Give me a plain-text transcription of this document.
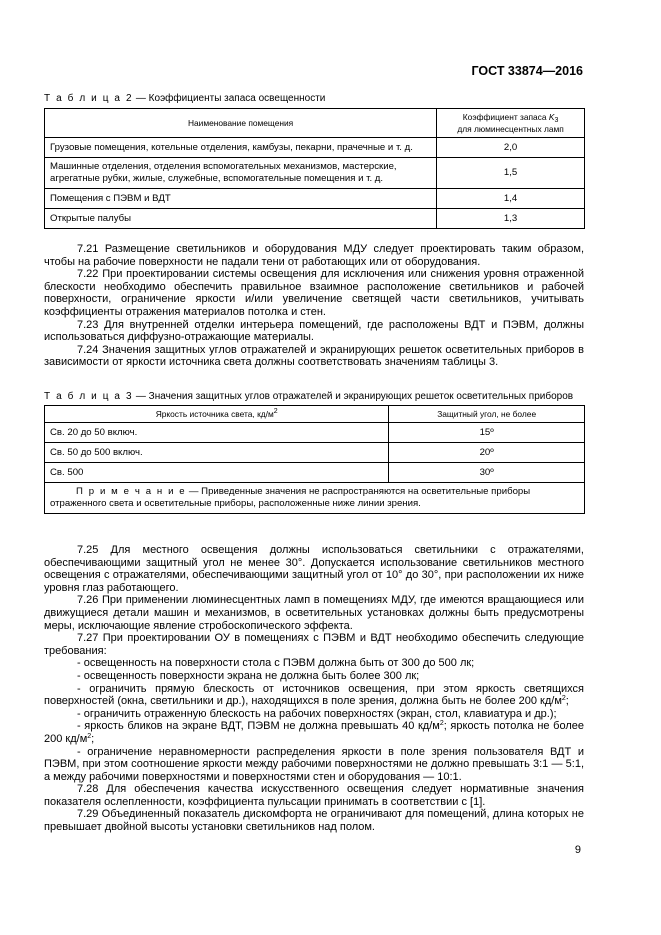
ГОСТ 33874—2016
Т а б л и ц а 2 — Коэффициенты запаса освещенности
Наименование помещения	Коэффициент запаса $K_3$
для люминесцентных ламп
Грузовые помещения, котельные отделения, камбузы, пекарни, прачечные и т. д.	2,0
Машинные отделения, отделения вспомогательных механизмов, мастерские, агрегатные рубки, жилые, служебные, вспомогательные помещения и т. д.	1,5
Помещения с ПЭВМ и ВДТ	1,4
Открытые палубы	1,3

7.21 Размещение светильников и оборудования МДУ следует проектировать таким образом, чтобы на рабочие поверхности не падали тени от работающих или от оборудования.

7.22 При проектировании системы освещения для исключения или снижения уровня отраженной блескости необходимо обеспечить правильное взаимное расположение светильников и рабочей поверхности, ограничение яркости и/или увеличение светящей части светильников, учитывать коэффициенты отражения материалов потолка и стен.

7.23 Для внутренней отделки интерьера помещений, где расположены ВДТ и ПЭВМ, должны использоваться диффузно-отражающие материалы.

7.24 Значения защитных углов отражателей и экранирующих решеток осветительных приборов в зависимости от яркости источника света должны соответствовать значениям таблицы 3.

Т а б л и ц а 3 — Значения защитных углов отражателей и экранирующих решеток осветительных приборов
Яркость источника света, $кд/м^2$	Защитный угол, не более
Св. 20 до 50 включ.	15º
Св. 50 до 500 включ.	20º
Св. 500	30º
П р и м е ч а н и е — Приведенные значения не распространяются на осветительные приборы отраженного света и осветительные приборы, расположенные ниже линии зрения.	

7.25 Для местного освещения должны использоваться светильники с отражателями, обеспечивающими защитный угол не менее 30°. Допускается использование светильников местного освещения с отражателями, обеспечивающими защитный угол от 10° до 30°, при расположении их ниже уровня глаз работающего.

7.26 При применении люминесцентных ламп в помещениях МДУ, где имеются вращающиеся или движущиеся детали машин и механизмов, в осветительных установках должны быть предусмотрены меры, исключающие явление стробоскопического эффекта.

7.27 При проектировании ОУ в помещениях с ПЭВМ и ВДТ необходимо обеспечить следующие требования:

- освещенность на поверхности стола с ПЭВМ должна быть от 300 до 500 лк;

- освещенность поверхности экрана не должна быть более 300 лк;

- ограничить прямую блескость от источников освещения, при этом яркость светящихся поверхностей (окна, светильники и др.), находящихся в поле зрения, должна быть не более 200 $кд/м^2$;

- ограничить отраженную блескость на рабочих поверхностях (экран, стол, клавиатура и др.);

- яркость бликов на экране ВДТ, ПЭВМ не должна превышать 40 $кд/м^2$; яркость потолка не более 200 $кд/м^2$;

- ограничение неравномерности распределения яркости в поле зрения пользователя ВДТ и ПЭВМ, при этом соотношение яркости между рабочими поверхностями не должно превышать 3:1 — 5:1, а между рабочими поверхностями и поверхностями стен и оборудования — 10:1.

7.28 Для обеспечения качества искусственного освещения следует нормативные значения показателя ослепленности, коэффициента пульсации принимать в соответствии с [1].

7.29 Объединенный показатель дискомфорта не ограничивают для помещений, длина которых не превышает двойной высоты установки светильников над полом.

9
